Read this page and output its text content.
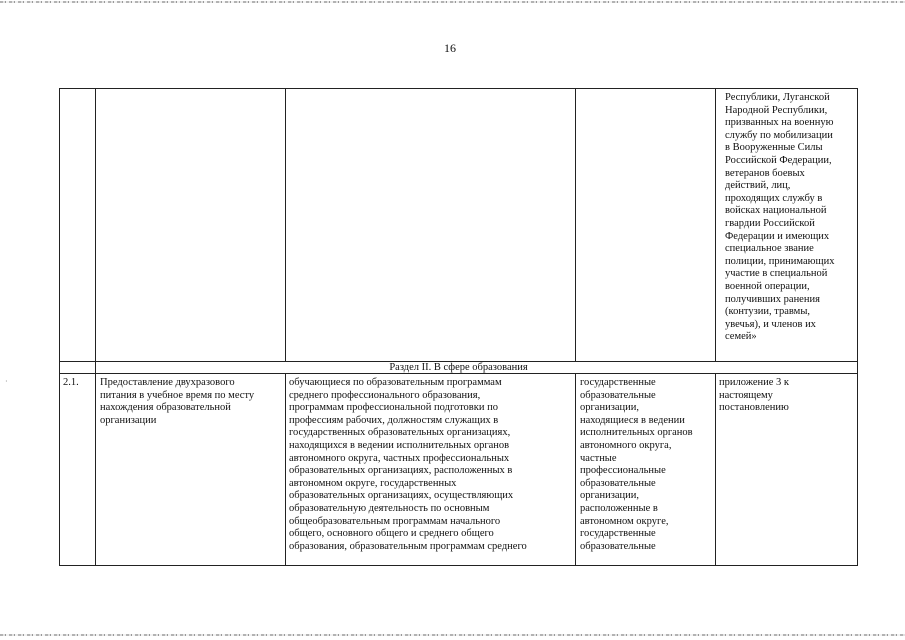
16
Республики, Луганской
Народной Республики,
призванных на военную
службу по мобилизации
в Вооруженные Силы
Российской Федерации,
ветеранов боевых
действий, лиц,
проходящих службу в
войсках национальной
гвардии Российской
Федерации и имеющих
специальное звание
полиции, принимающих
участие в специальной
военной операции,
получивших ранения
(контузии, травмы,
увечья), и членов их
семей»
Раздел II. В сфере образования
2.1.	Предоставление двухразового
питания в учебное время по месту
нахождения образовательной
организации
обучающиеся по образовательным программам
среднего профессионального образования,
программам профессиональной подготовки по
профессиям рабочих, должностям служащих в
государственных образовательных организациях,
находящихся в ведении исполнительных органов
автономного округа, частных профессиональных
образовательных организациях, расположенных в
автономном округе, государственных
образовательных организациях, осуществляющих
образовательную деятельность по основным
общеобразовательным программам начального
общего, основного общего и среднего общего
образования, образовательным программам среднего
государственные
образовательные
организации,
находящиеся в ведении
исполнительных органов
автономного округа,
частные
профессиональные
образовательные
организации,
расположенные в
автономном округе,
государственные
образовательные
приложение 3 к
настоящему
постановлению
·
